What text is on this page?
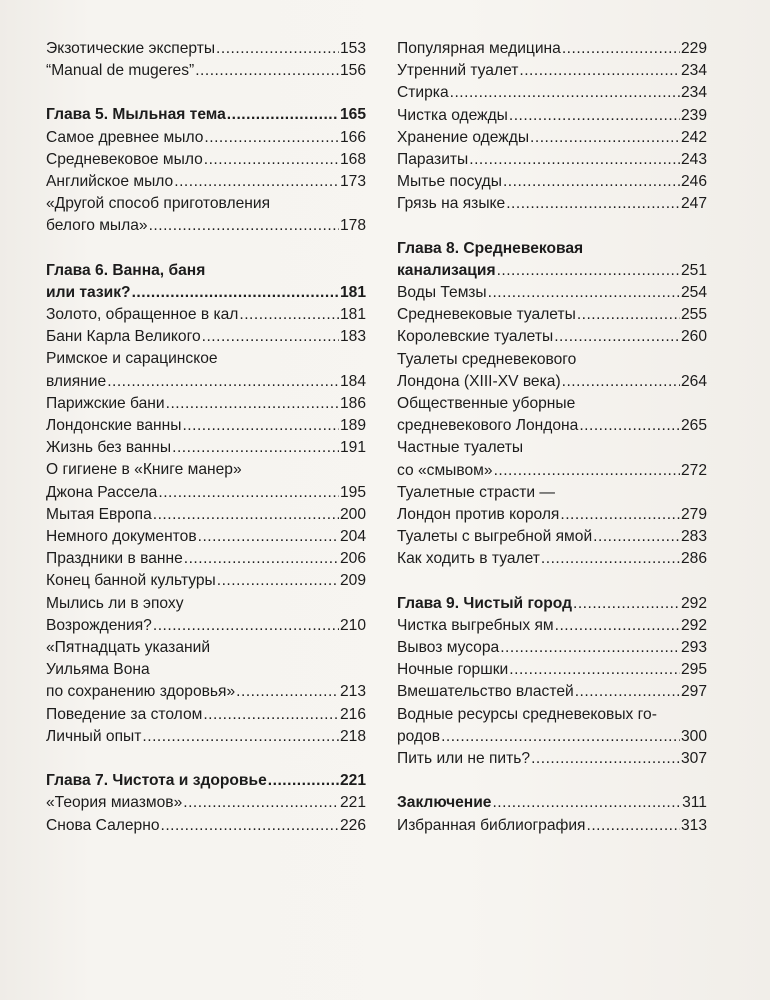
Экзотические эксперты .....	153
“Manual de mugeres” .....	156
Глава 5. Мыльная тема .....	165
Самое древнее мыло .....	166
Средневековое мыло .....	168
Английское мыло .....	173
«Другой способ приготовления
белого мыла» .....	178
Глава 6. Ванна, баня
или тазик? .....	181
Золото, обращенное в кал .....	181
Бани Карла Великого .....	183
Римское и сарацинское
влияние .....	184
Парижские бани .....	186
Лондонские ванны .....	189
Жизнь без ванны .....	191
О гигиене в «Книге манер»
Джона Рассела .....	195
Мытая Европа .....	200
Немного документов .....	204
Праздники в ванне .....	206
Конец банной культуры .....	209
Мылись ли в эпоху
Возрождения? .....	210
«Пятнадцать указаний
Уильяма Вона
по сохранению здоровья» .....	213
Поведение за столом .....	216
Личный опыт .....	218
Глава 7. Чистота и здоровье .....	221
«Теория миазмов» .....	221
Снова Салерно .....	226
Популярная медицина .....	229
Утренний туалет .....	234
Стирка .....	234
Чистка одежды .....	239
Хранение одежды .....	242
Паразиты .....	243
Мытье посуды .....	246
Грязь на языке .....	247
Глава 8. Средневековая
канализация .....	251
Воды Темзы .....	254
Средневековые туалеты .....	255
Королевские туалеты .....	260
Туалеты средневекового
Лондона (XIII-XV века) .....	264
Общественные уборные
средневекового Лондона .....	265
Частные туалеты
со «смывом» .....	272
Туалетные страсти —
Лондон против короля .....	279
Туалеты с выгребной ямой .....	283
Как ходить в туалет .....	286
Глава 9. Чистый город .....	292
Чистка выгребных ям .....	292
Вывоз мусора .....	293
Ночные горшки .....	295
Вмешательство властей .....	297
Водные ресурсы средневековых го-
родов .....	300
Пить или не пить? .....	307
Заключение .....	311
Избранная библиография .....	313
